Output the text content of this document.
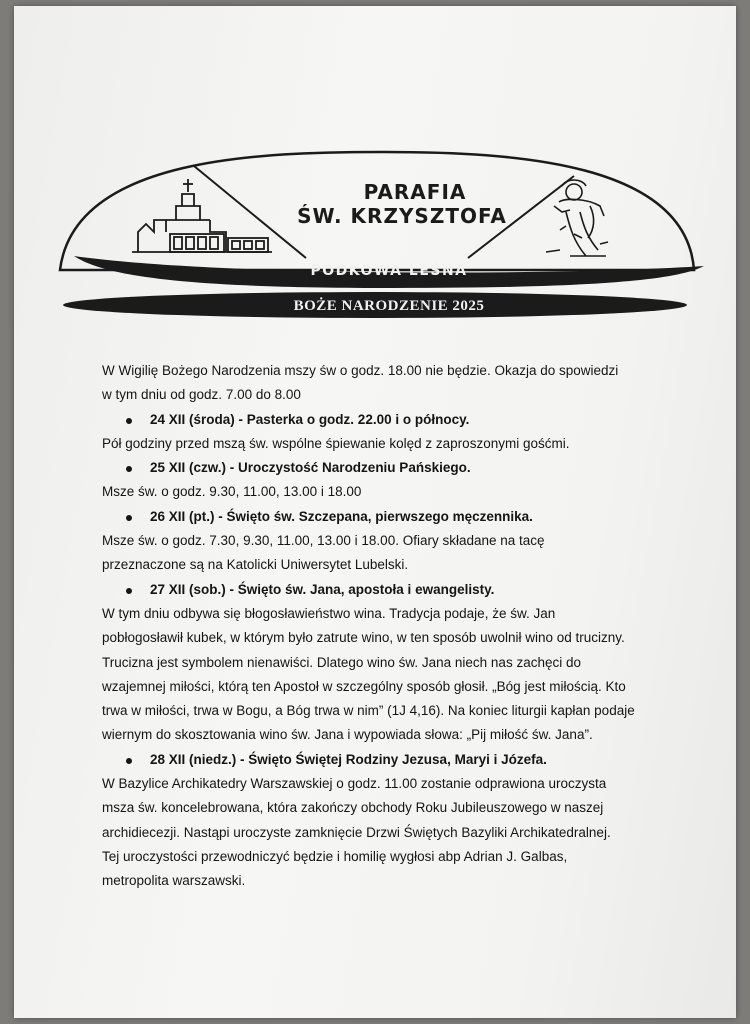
PARAFIA
ŚW. KRZYSZTOFA
PODKOWA LEŚNA
BOŻE NARODZENIE 2025

W Wigilię Bożego Narodzenia mszy św o godz. 18.00 nie będzie. Okazja do spowiedzi

w tym dniu od godz. 7.00 do 8.00

24 XII (środa) - Pasterka o godz. 22.00 i o północy.

Pół godziny przed mszą św. wspólne śpiewanie kolęd z zaproszonymi gośćmi.

25 XII (czw.) - Uroczystość Narodzeniu Pańskiego.

Msze św. o godz. 9.30, 11.00, 13.00 i 18.00

26 XII (pt.) - Święto św. Szczepana, pierwszego męczennika.

Msze św. o godz. 7.30, 9.30, 11.00, 13.00 i 18.00. Ofiary składane na tacę

przeznaczone są na Katolicki Uniwersytet Lubelski.

27 XII (sob.) - Święto św. Jana, apostoła i ewangelisty.

W tym dniu odbywa się błogosławieństwo wina. Tradycja podaje, że św. Jan

pobłogosławił kubek, w którym było zatrute wino, w ten sposób uwolnił wino od trucizny.

Trucizna jest symbolem nienawiści. Dlatego wino św. Jana niech nas zachęci do

wzajemnej miłości, którą ten Apostoł w szczególny sposób głosił. „Bóg jest miłością. Kto

trwa w miłości, trwa w Bogu, a Bóg trwa w nim” (1J 4,16). Na koniec liturgii kapłan podaje

wiernym do skosztowania wino św. Jana i wypowiada słowa: „Pij miłość św. Jana”.

28 XII (niedz.) - Święto Świętej Rodziny Jezusa, Maryi i Józefa.

W Bazylice Archikatedry Warszawskiej o godz. 11.00 zostanie odprawiona uroczysta

msza św. koncelebrowana, która zakończy obchody Roku Jubileuszowego w naszej

archidiecezji. Nastąpi uroczyste zamknięcie Drzwi Świętych Bazyliki Archikatedralnej.

Tej uroczystości przewodniczyć będzie i homilię wygłosi abp Adrian J. Galbas,

metropolita warszawski.
